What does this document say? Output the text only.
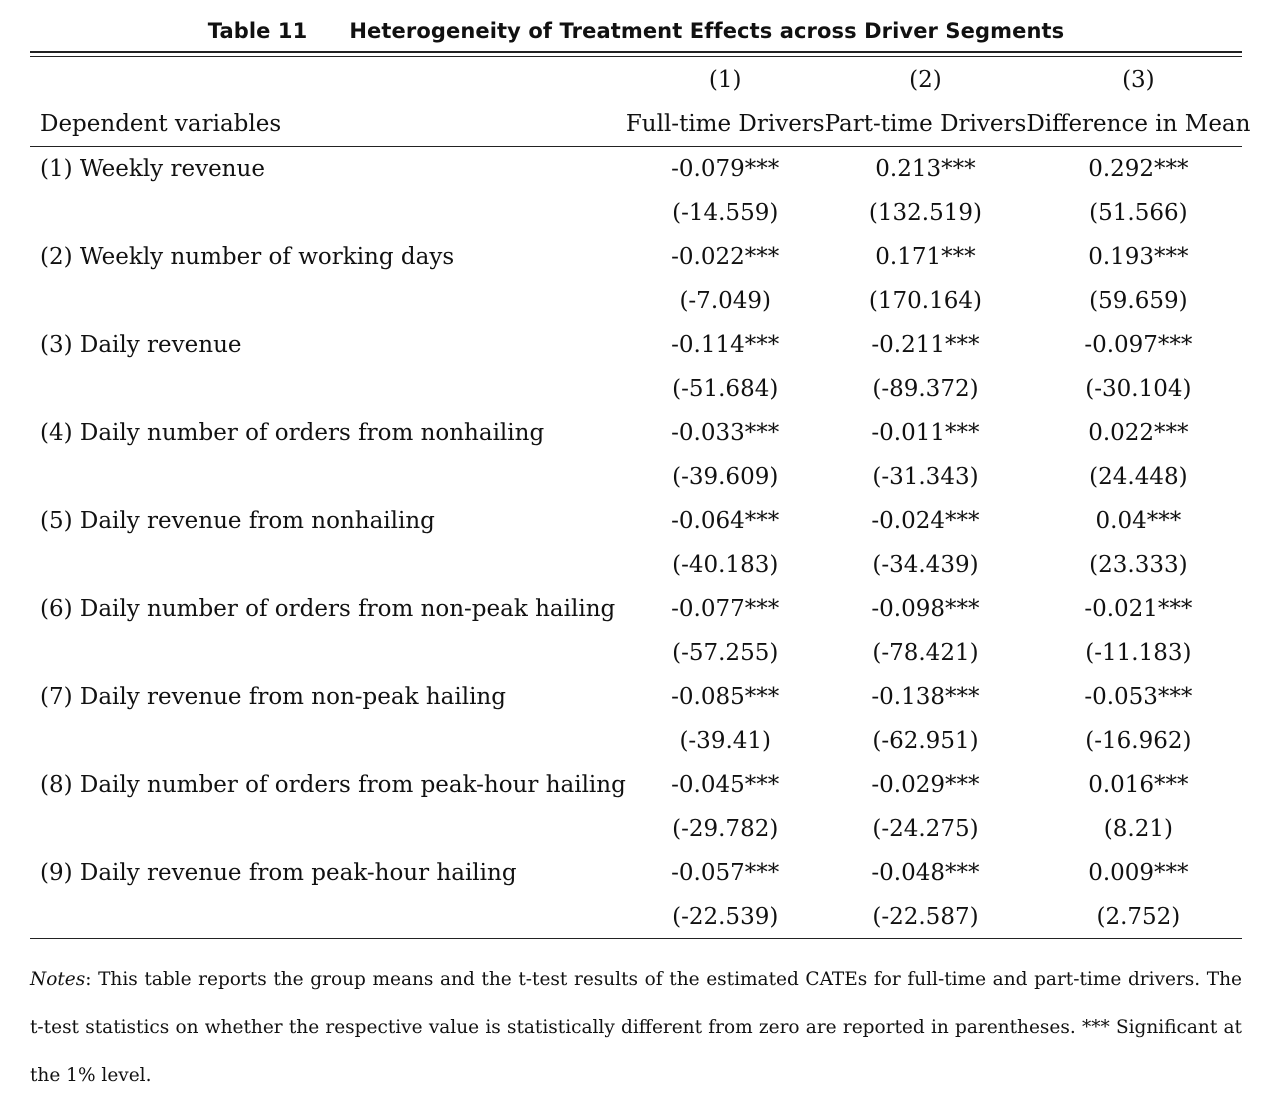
Table 11 Heterogeneity of Treatment Effects across Driver Segments
	(1)	(2)	(3)
Dependent variables	Full-time Drivers	Part-time Drivers	Difference in Mean

(1) Weekly revenue	-0.079***	0.213***	0.292***
	(-14.559)	(132.519)	(51.566)
(2) Weekly number of working days	-0.022***	0.171***	0.193***
	(-7.049)	(170.164)	(59.659)
(3) Daily revenue	-0.114***	-0.211***	-0.097***
	(-51.684)	(-89.372)	(-30.104)
(4) Daily number of orders from nonhailing	-0.033***	-0.011***	0.022***
	(-39.609)	(-31.343)	(24.448)
(5) Daily revenue from nonhailing	-0.064***	-0.024***	0.04***
	(-40.183)	(-34.439)	(23.333)
(6) Daily number of orders from non-peak hailing	-0.077***	-0.098***	-0.021***
	(-57.255)	(-78.421)	(-11.183)
(7) Daily revenue from non-peak hailing	-0.085***	-0.138***	-0.053***
	(-39.41)	(-62.951)	(-16.962)
(8) Daily number of orders from peak-hour hailing	-0.045***	-0.029***	0.016***
	(-29.782)	(-24.275)	(8.21)
(9) Daily revenue from peak-hour hailing	-0.057***	-0.048***	0.009***
	(-22.539)	(-22.587)	(2.752)
Notes: This table reports the group means and the t-test results of the estimated CATEs for full-time and part-time drivers. The t-test statistics on whether the respective value is statistically different from zero are reported in parentheses. *** Significant at the 1% level.
